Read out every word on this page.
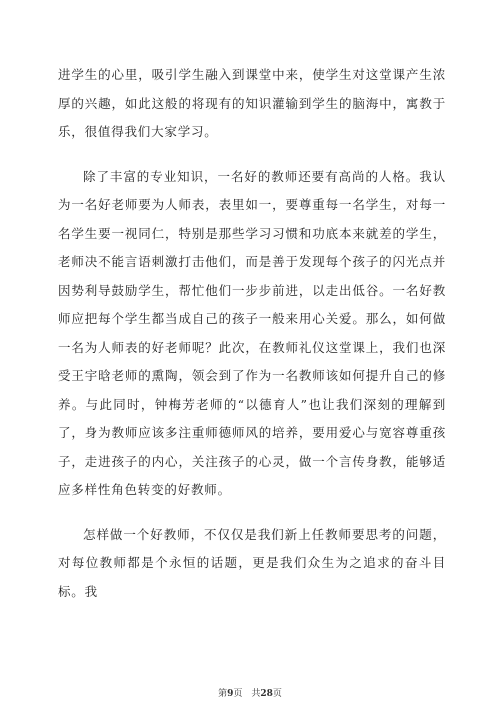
进学生的心里，吸引学生融入到课堂中来，使学生对这堂课产生浓厚的兴趣，如此这般的将现有的知识灌输到学生的脑海中，寓教于乐，很值得我们大家学习。

除了丰富的专业知识，一名好的教师还要有高尚的人格。我认为一名好老师要为人师表，表里如一，要尊重每一名学生，对每一名学生要一视同仁，特别是那些学习习惯和功底本来就差的学生，老师决不能言语刺激打击他们，而是善于发现每个孩子的闪光点并因势利导鼓励学生，帮忙他们一步步前进，以走出低谷。一名好教师应把每个学生都当成自己的孩子一般来用心关爱。那么，如何做一名为人师表的好老师呢？此次，在教师礼仪这堂课上，我们也深受王宇晗老师的熏陶，领会到了作为一名教师该如何提升自己的修养。与此同时，钟梅芳老师的“以德育人”也让我们深刻的理解到了，身为教师应该多注重师德师风的培养，要用爱心与宽容尊重孩子，走进孩子的内心，关注孩子的心灵，做一个言传身教，能够适应多样性角色转变的好教师。

怎样做一个好教师，不仅仅是我们新上任教师要思考的问题，对每位教师都是个永恒的话题，更是我们众生为之追求的奋斗目标。我

第9页　共28页
